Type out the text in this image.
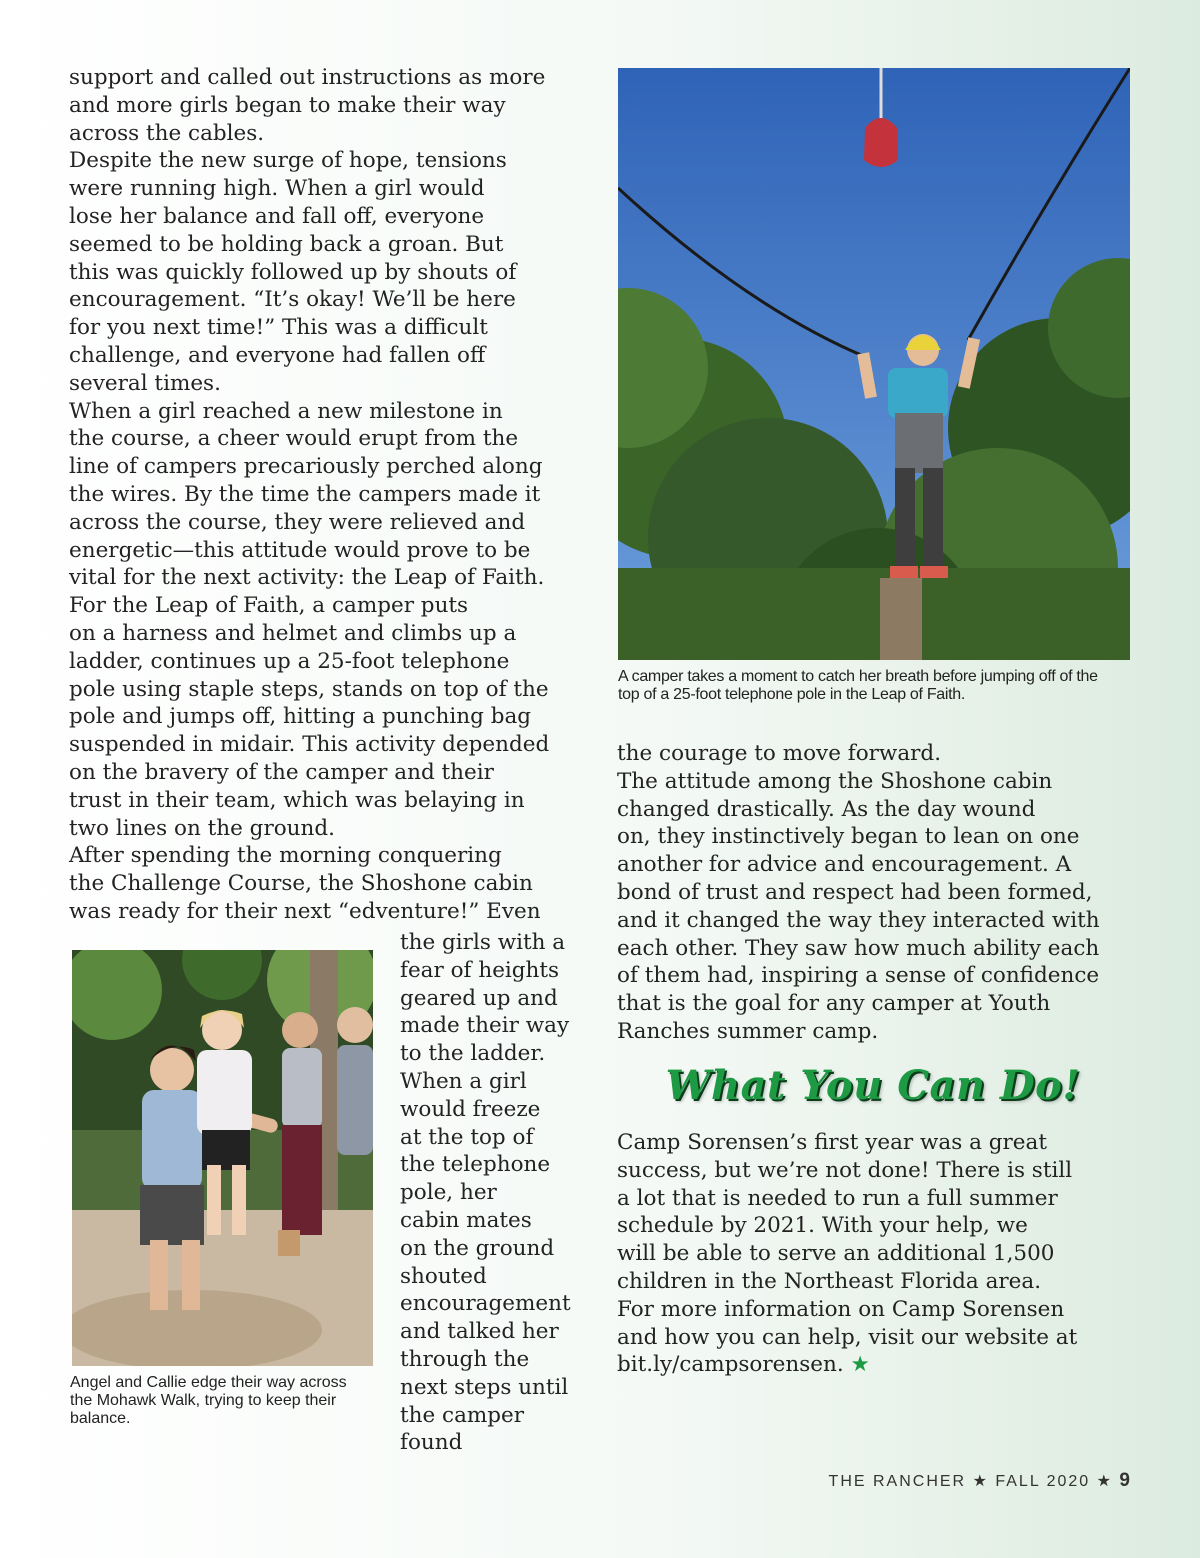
support and called out instructions as more
and more girls began to make their way
across the cables.
Despite the new surge of hope, tensions
were running high. When a girl would
lose her balance and fall off, everyone
seemed to be holding back a groan. But
this was quickly followed up by shouts of
encouragement. “It’s okay! We’ll be here
for you next time!” This was a difficult
challenge, and everyone had fallen off
several times.
When a girl reached a new milestone in
the course, a cheer would erupt from the
line of campers precariously perched along
the wires. By the time the campers made it
across the course, they were relieved and
energetic—this attitude would prove to be
vital for the next activity: the Leap of Faith.
For the Leap of Faith, a camper puts
on a harness and helmet and climbs up a
ladder, continues up a 25-foot telephone
pole using staple steps, stands on top of the
pole and jumps off, hitting a punching bag
suspended in midair. This activity depended
on the bravery of the camper and their
trust in their team, which was belaying in
two lines on the ground.
After spending the morning conquering
the Challenge Course, the Shoshone cabin
was ready for their next “edventure!” Even

Angel and Callie edge their way across
the Mohawk Walk, trying to keep their
balance.

the girls with a
fear of heights
geared up and
made their way
to the ladder.
When a girl
would freeze
at the top of
the telephone
pole, her
cabin mates
on the ground
shouted
encouragement
and talked her
through the
next steps until
the camper found

A camper takes a moment to catch her breath before jumping off of the
top of a 25-foot telephone pole in the Leap of Faith.

the courage to move forward.
The attitude among the Shoshone cabin
changed drastically. As the day wound
on, they instinctively began to lean on one
another for advice and encouragement. A
bond of trust and respect had been formed,
and it changed the way they interacted with
each other. They saw how much ability each
of them had, inspiring a sense of confidence
that is the goal for any camper at Youth
Ranches summer camp.

What You Can Do!

Camp Sorensen’s first year was a great
success, but we’re not done! There is still
a lot that is needed to run a full summer
schedule by 2021. With your help, we
will be able to serve an additional 1,500
children in the Northeast Florida area.
For more information on Camp Sorensen
and how you can help, visit our website at
bit.ly/campsorensen. ★

THE RANCHER ★ FALL 2020 ★ 9
